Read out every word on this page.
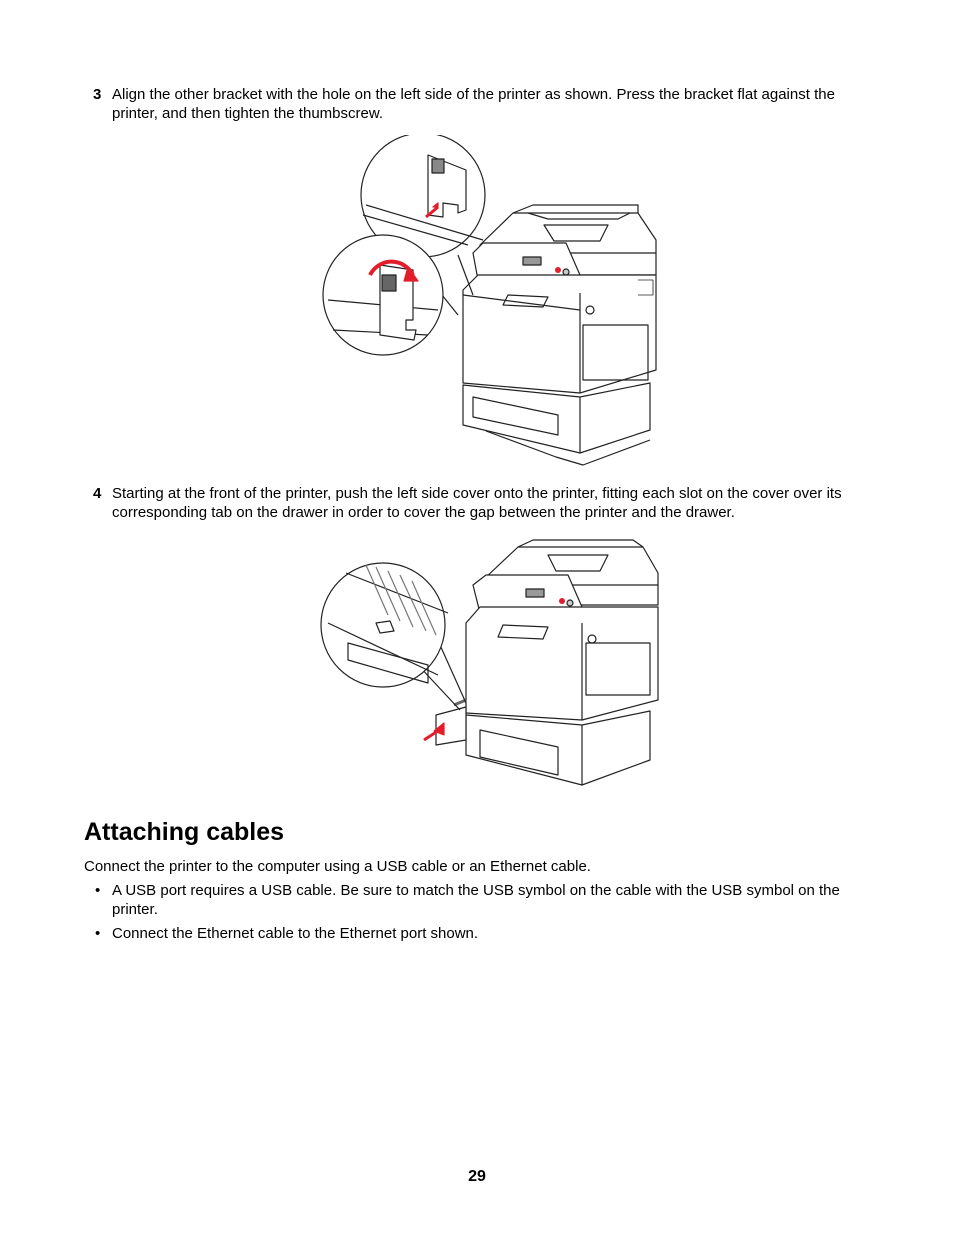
3 Align the other bracket with the hole on the left side of the printer as shown. Press the bracket flat against the printer, and then tighten the thumbscrew.
4 Starting at the front of the printer, push the left side cover onto the printer, fitting each slot on the cover over its corresponding tab on the drawer in order to cover the gap between the printer and the drawer.
Attaching cables
Connect the printer to the computer using a USB cable or an Ethernet cable.
• A USB port requires a USB cable. Be sure to match the USB symbol on the cable with the USB symbol on the printer.
• Connect the Ethernet cable to the Ethernet port shown.
29
